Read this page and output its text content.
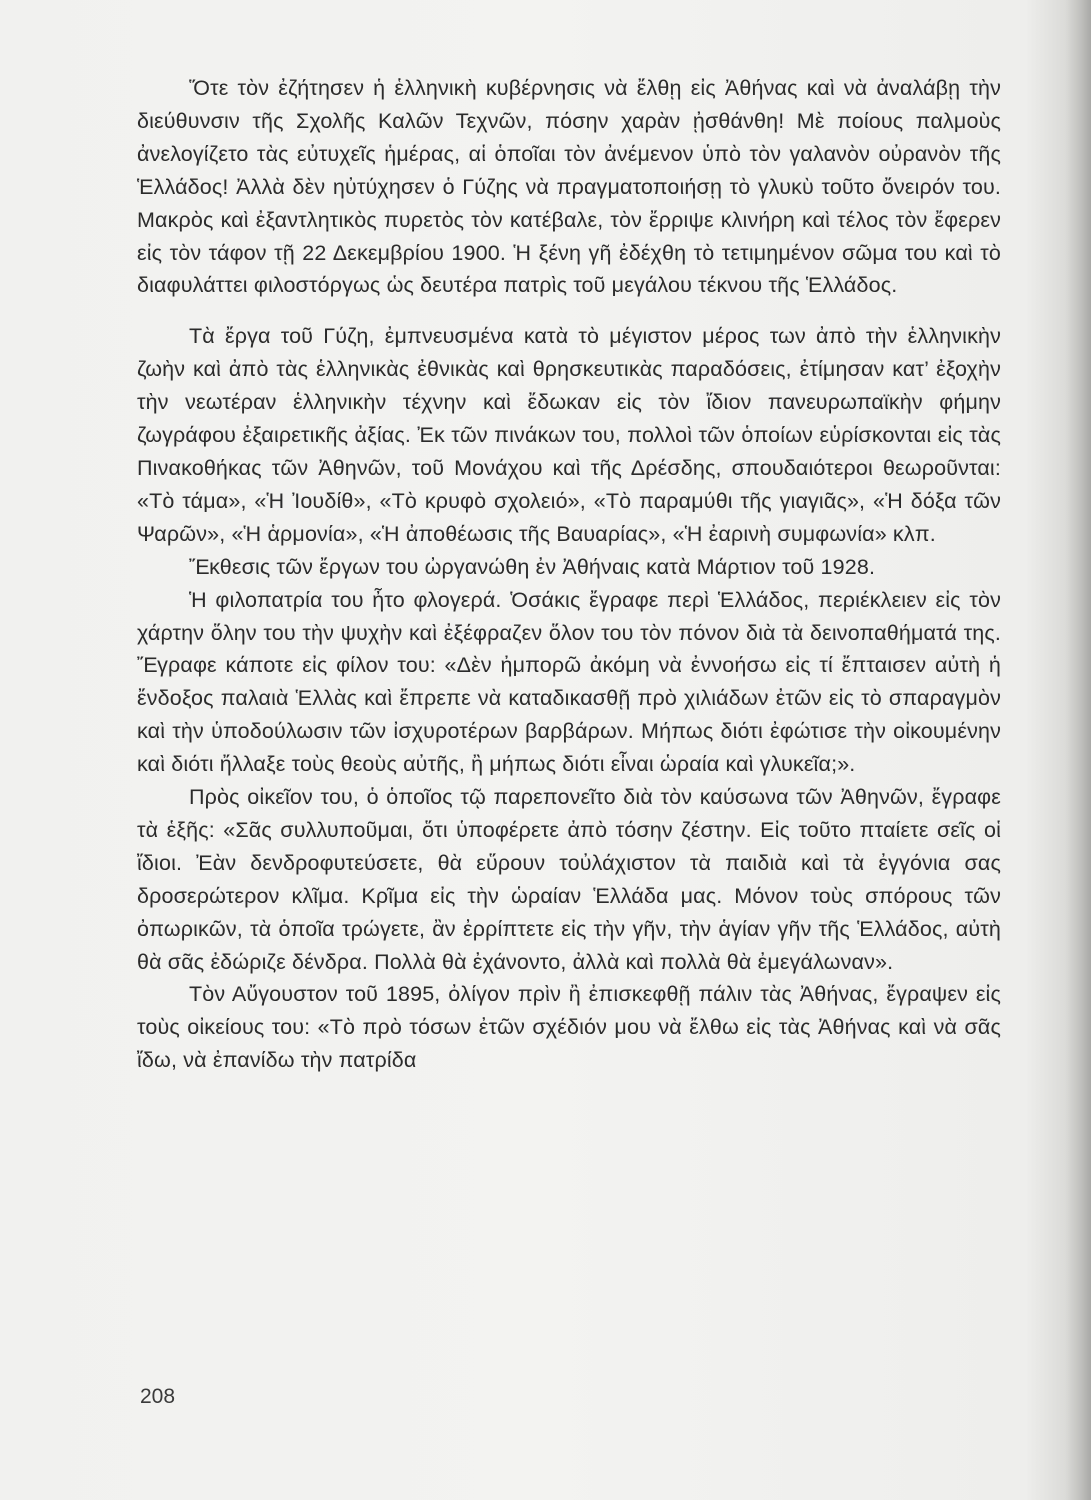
Ὅτε τὸν ἐζήτησεν ἡ ἑλληνικὴ κυβέρνησις νὰ ἔλθῃ εἰς Ἀθήνας καὶ νὰ ἀναλάβῃ τὴν διεύθυνσιν τῆς Σχολῆς Καλῶν Τεχνῶν, πόσην χαρὰν ᾐσθάνθη! Μὲ ποίους παλμοὺς ἀνελογίζετο τὰς εὐτυχεῖς ἡμέρας, αἱ ὁποῖαι τὸν ἀνέμενον ὑπὸ τὸν γαλανὸν οὐρανὸν τῆς Ἑλλάδος! Ἀλλὰ δὲν ηὐτύχησεν ὁ Γύζης νὰ πραγματοποιήσῃ τὸ γλυκὺ τοῦτο ὄνειρόν του. Μακρὸς καὶ ἐξαντλητικὸς πυρετὸς τὸν κατέβαλε, τὸν ἔρριψε κλινήρη καὶ τέλος τὸν ἔφερεν εἰς τὸν τάφον τῇ 22 Δεκεμβρίου 1900. Ἡ ξένη γῆ ἐδέχθη τὸ τετιμημένον σῶμα του καὶ τὸ διαφυλάττει φιλοστόργως ὡς δευτέρα πατρὶς τοῦ μεγάλου τέκνου τῆς Ἑλλάδος.

Τὰ ἔργα τοῦ Γύζη, ἐμπνευσμένα κατὰ τὸ μέγιστον μέρος των ἀπὸ τὴν ἑλληνικὴν ζωὴν καὶ ἀπὸ τὰς ἑλληνικὰς ἐθνικὰς καὶ θρησκευτικὰς παραδόσεις, ἐτίμησαν κατ’ ἐξοχὴν τὴν νεωτέραν ἑλληνικὴν τέχνην καὶ ἔδωκαν εἰς τὸν ἴδιον πανευρωπαϊκὴν φήμην ζωγράφου ἐξαιρετικῆς ἀξίας. Ἐκ τῶν πινάκων του, πολλοὶ τῶν ὁποίων εὑρίσκονται εἰς τὰς Πινακοθήκας τῶν Ἀθηνῶν, τοῦ Μονάχου καὶ τῆς Δρέσδης, σπουδαιότεροι θεωροῦνται: «Τὸ τάμα», «Ἡ Ἰουδίθ», «Τὸ κρυφὸ σχολειό», «Τὸ παραμύθι τῆς γιαγιᾶς», «Ἡ δόξα τῶν Ψαρῶν», «Ἡ ἁρμονία», «Ἡ ἀποθέωσις τῆς Βαυαρίας», «Ἡ ἐαρινὴ συμφωνία» κλπ.

Ἔκθεσις τῶν ἔργων του ὠργανώθη ἐν Ἀθήναις κατὰ Μάρτιον τοῦ 1928.

Ἡ φιλοπατρία του ἦτο φλογερά. Ὁσάκις ἔγραφε περὶ Ἑλλάδος, περιέκλειεν εἰς τὸν χάρτην ὅλην του τὴν ψυχὴν καὶ ἐξέφραζεν ὅλον του τὸν πόνον διὰ τὰ δεινοπαθήματά της. Ἔγραφε κάποτε εἰς φίλον του: «Δὲν ἠμπορῶ ἀκόμη νὰ ἐννοήσω εἰς τί ἔπταισεν αὐτὴ ἡ ἔνδοξος παλαιὰ Ἑλλὰς καὶ ἔπρεπε νὰ καταδικασθῇ πρὸ χιλιάδων ἐτῶν εἰς τὸ σπαραγμὸν καὶ τὴν ὑποδούλωσιν τῶν ἰσχυροτέρων βαρβάρων. Μήπως διότι ἐφώτισε τὴν οἰκουμένην καὶ διότι ἤλλαξε τοὺς θεοὺς αὐτῆς, ἢ μήπως διότι εἶναι ὡραία καὶ γλυκεῖα;».

Πρὸς οἰκεῖον του, ὁ ὁποῖος τῷ παρεπονεῖτο διὰ τὸν καύσωνα τῶν Ἀθηνῶν, ἔγραφε τὰ ἑξῆς: «Σᾶς συλλυποῦμαι, ὅτι ὑποφέρετε ἀπὸ τόσην ζέστην. Εἰς τοῦτο πταίετε σεῖς οἱ ἴδιοι. Ἐὰν δενδροφυτεύσετε, θὰ εὕρουν τοὐλάχιστον τὰ παιδιὰ καὶ τὰ ἐγγόνια σας δροσερώτερον κλῖμα. Κρῖμα εἰς τὴν ὡραίαν Ἑλλάδα μας. Μόνον τοὺς σπόρους τῶν ὀπωρικῶν, τὰ ὁποῖα τρώγετε, ἂν ἐρρίπτετε εἰς τὴν γῆν, τὴν ἁγίαν γῆν τῆς Ἑλλάδος, αὐτὴ θὰ σᾶς ἐδώριζε δένδρα. Πολλὰ θὰ ἐχάνοντο, ἀλλὰ καὶ πολλὰ θὰ ἐμεγάλωναν».

Τὸν Αὔγουστον τοῦ 1895, ὀλίγον πρὶν ἢ ἐπισκεφθῇ πάλιν τὰς Ἀθήνας, ἔγραψεν εἰς τοὺς οἰκείους του: «Τὸ πρὸ τόσων ἐτῶν σχέδιόν μου νὰ ἔλθω εἰς τὰς Ἀθήνας καὶ νὰ σᾶς ἴδω, νὰ ἐπανίδω τὴν πατρίδα

208
